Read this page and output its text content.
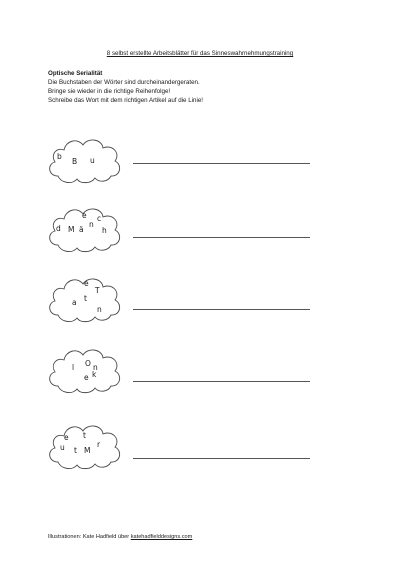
8 selbst erstellte Arbeitsblätter für das Sinneswahrnehmungstraining
Optische Serialität
Die Buchstaben der Wörter sind durcheinandergeraten.
Bringe sie wieder in die richtige Reihenfolge!
Schreibe das Wort mit dem richtigen Artikel auf die Linie!
b
B u
d M ä
e
n
c
h
e
T
a t
n
l O n
e k
e t
u t M
r
Illustrationen: Kate Hadfield über katehadfielddesigns.com
